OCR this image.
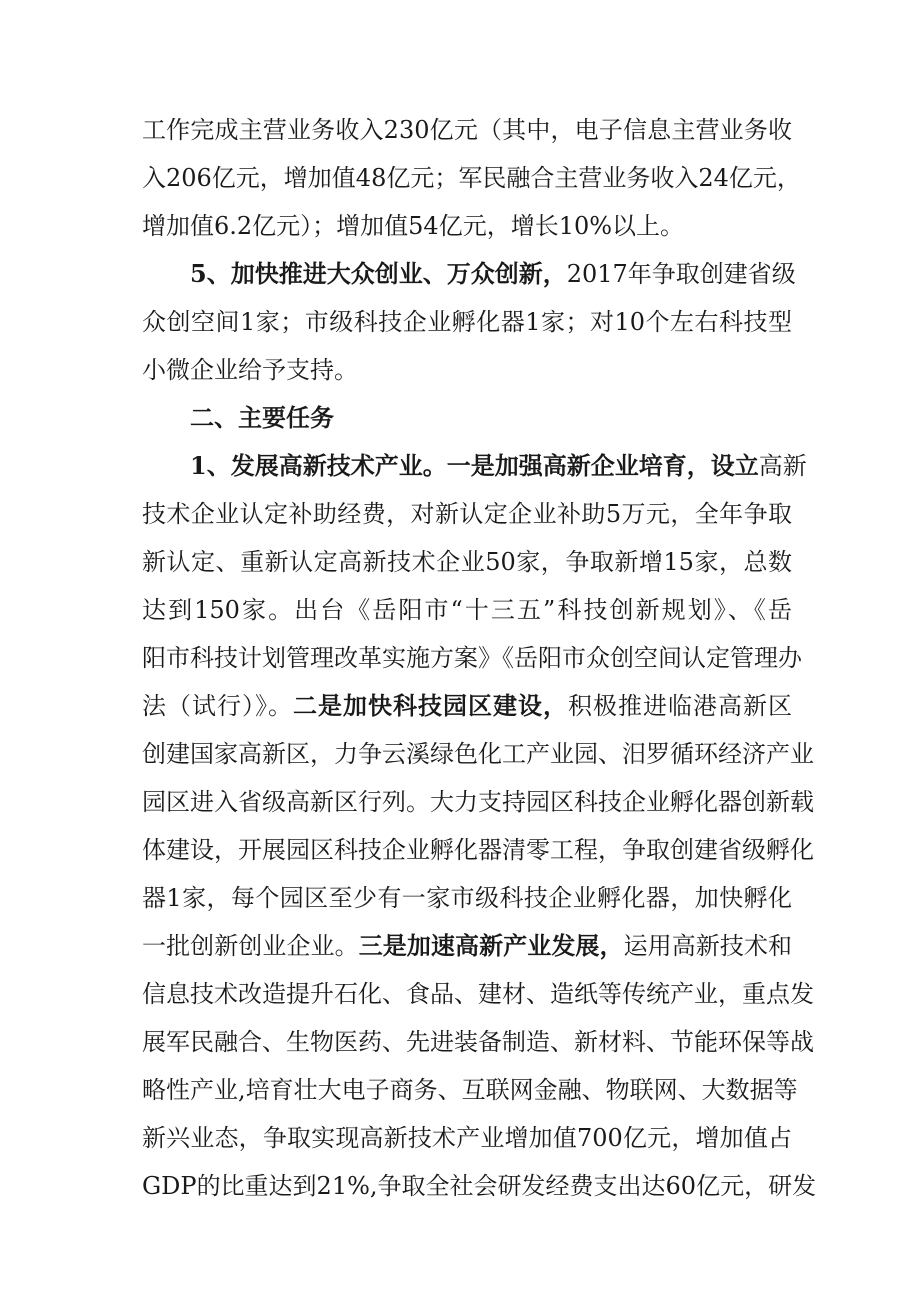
工作完成主营业务收入230亿元（其中，电子信息主营业务收
入206亿元，增加值48亿元；军民融合主营业务收入24亿元，
增加值6.2亿元）；增加值54亿元，增长10%以上。
5、加快推进大众创业、万众创新，2017年争取创建省级
众创空间1家；市级科技企业孵化器1家；对10个左右科技型
小微企业给予支持。
二、主要任务
1、发展高新技术产业。一是加强高新企业培育，设立高新
技术企业认定补助经费，对新认定企业补助5万元，全年争取
新认定、重新认定高新技术企业50家，争取新增15家，总数
达到150家。出台《岳阳市“十三五”科技创新规划》、《岳
阳市科技计划管理改革实施方案》《岳阳市众创空间认定管理办
法（试行）》。二是加快科技园区建设，积极推进临港高新区
创建国家高新区，力争云溪绿色化工产业园、汨罗循环经济产业
园区进入省级高新区行列。大力支持园区科技企业孵化器创新载
体建设，开展园区科技企业孵化器清零工程，争取创建省级孵化
器1家，每个园区至少有一家市级科技企业孵化器，加快孵化
一批创新创业企业。三是加速高新产业发展，运用高新技术和
信息技术改造提升石化、食品、建材、造纸等传统产业，重点发
展军民融合、生物医药、先进装备制造、新材料、节能环保等战
略性产业,培育壮大电子商务、互联网金融、物联网、大数据等
新兴业态，争取实现高新技术产业增加值700亿元，增加值占
GDP的比重达到21%,争取全社会研发经费支出达60亿元，研发
